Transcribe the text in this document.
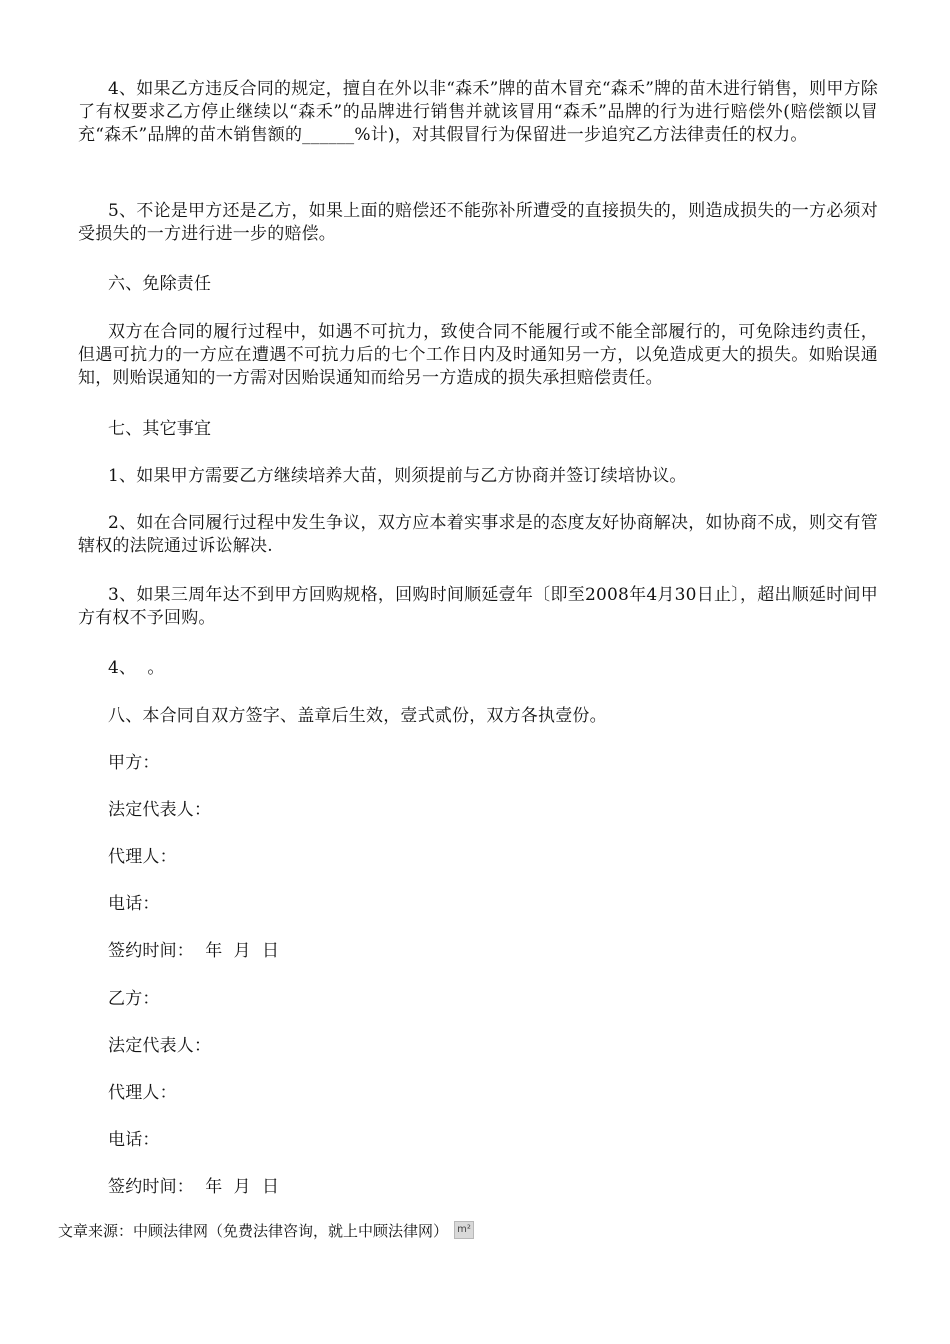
4、如果乙方违反合同的规定，擅自在外以非“森禾”牌的苗木冒充“森禾”牌的苗木进行销售，则甲方除了有权要求乙方停止继续以“森禾”的品牌进行销售并就该冒用“森禾”品牌的行为进行赔偿外(赔偿额以冒充“森禾”品牌的苗木销售额的______%计)，对其假冒行为保留进一步追究乙方法律责任的权力。

5、不论是甲方还是乙方，如果上面的赔偿还不能弥补所遭受的直接损失的，则造成损失的一方必须对受损失的一方进行进一步的赔偿。

六、免除责任

双方在合同的履行过程中，如遇不可抗力，致使合同不能履行或不能全部履行的，可免除违约责任，但遇可抗力的一方应在遭遇不可抗力后的七个工作日内及时通知另一方，以免造成更大的损失。如贻误通知，则贻误通知的一方需对因贻误通知而给另一方造成的损失承担赔偿责任。

七、其它事宜

1、如果甲方需要乙方继续培养大苗，则须提前与乙方协商并签订续培协议。

2、如在合同履行过程中发生争议，双方应本着实事求是的态度友好协商解决，如协商不成，则交有管辖权的法院通过诉讼解决.

3、如果三周年达不到甲方回购规格，回购时间顺延壹年〔即至2008年4月30日止〕，超出顺延时间甲方有权不予回购。

4、  。

八、本合同自双方签字、盖章后生效，壹式贰份，双方各执壹份。

甲方：

法定代表人：

代理人：

电话：

签约时间：  年  月  日

乙方：

法定代表人：

代理人：

电话：

签约时间：  年  月  日

文章来源：中顾法律网（免费法律咨询，就上中顾法律网） m²
